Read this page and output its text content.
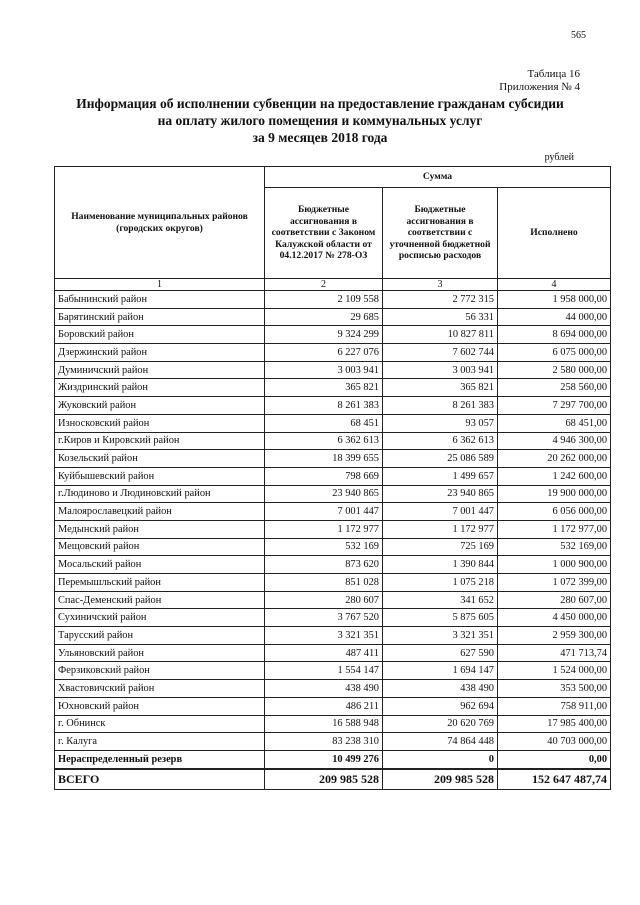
565
Таблица 16
Приложения № 4
Информация об исполнении субвенции на предоставление гражданам субсидии
на оплату жилого помещения и коммунальных услуг
за 9 месяцев 2018 года
рублей
Наименование муниципальных районов (городских округов)	Сумма		
	Бюджетные ассигнования в соответствии с Законом Калужской области от 04.12.2017 № 278-ОЗ	Бюджетные ассигнования в соответствии с уточненной бюджетной росписью расходов	Исполнено
1	2	3	4
Бабынинский район	2 109 558	2 772 315	1 958 000,00
Барятинский район	29 685	56 331	44 000,00
Боровский район	9 324 299	10 827 811	8 694 000,00
Дзержинский район	6 227 076	7 602 744	6 075 000,00
Думиничский район	3 003 941	3 003 941	2 580 000,00
Жиздринский район	365 821	365 821	258 560,00
Жуковский район	8 261 383	8 261 383	7 297 700,00
Износковский район	68 451	93 057	68 451,00
г.Киров и Кировский район	6 362 613	6 362 613	4 946 300,00
Козельский район	18 399 655	25 086 589	20 262 000,00
Куйбышевский район	798 669	1 499 657	1 242 600,00
г.Людиново и Людиновский район	23 940 865	23 940 865	19 900 000,00
Малоярославецкий район	7 001 447	7 001 447	6 056 000,00
Медынский район	1 172 977	1 172 977	1 172 977,00
Мещовский район	532 169	725 169	532 169,00
Мосальский район	873 620	1 390 844	1 000 900,00
Перемышльский район	851 028	1 075 218	1 072 399,00
Спас-Деменский район	280 607	341 652	280 607,00
Сухиничский район	3 767 520	5 875 605	4 450 000,00
Тарусский район	3 321 351	3 321 351	2 959 300,00
Ульяновский район	487 411	627 590	471 713,74
Ферзиковский район	1 554 147	1 694 147	1 524 000,00
Хвастовичский район	438 490	438 490	353 500,00
Юхновский район	486 211	962 694	758 911,00
г. Обнинск	16 588 948	20 620 769	17 985 400,00
г. Калуга	83 238 310	74 864 448	40 703 000,00
Нераспределенный резерв	10 499 276	0	0,00
ВСЕГО	209 985 528	209 985 528	152 647 487,74
